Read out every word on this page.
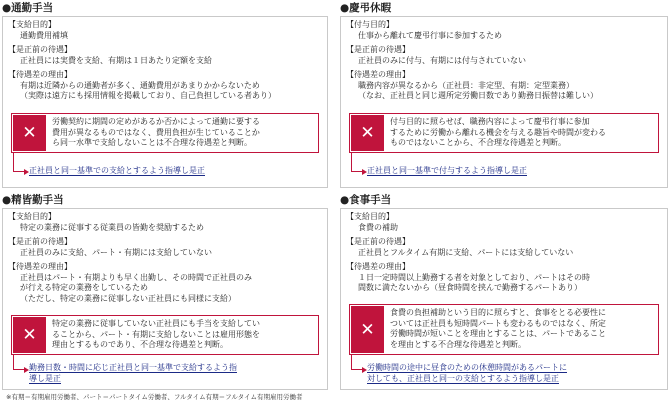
●通勤手当
【支給目的】
通勤費用補填
【是正前の待遇】
正社員には実費を支給、有期は１日あたり定額を支給
【待遇差の理由】
有期は近隣からの通勤者が多く、通勤費用があまりかからないため
（実際は遠方にも採用情報を掲載しており、自己負担している者あり）
✕
労働契約に期間の定めがあるか否かによって通勤に要する
費用が異なるものではなく、費用負担が生じていることか
ら同一水準で支給しないことは不合理な待遇差と判断。
正社員と同一基準での支給とするよう指導し是正
●慶弔休暇
【付与目的】
仕事から離れて慶弔行事に参加するため
【是正前の待遇】
正社員のみに付与、有期には付与されていない
【待遇差の理由】
職務内容が異なるから（正社員：非定型、有期：定型業務）
（なお、正社員と同じ週所定労働日数であり勤務日振替は難しい）
✕
付与目的に照らせば、職務内容によって慶弔行事に参加
するために労働から離れる機会を与える趣旨や時間が変わる
ものではないことから、不合理な待遇差と判断。
正社員と同一基準で付与するよう指導し是正
●精皆勤手当
【支給目的】
特定の業務に従事する従業員の皆勤を奨励するため
【是正前の待遇】
正社員のみに支給、パート・有期には支給していない
【待遇差の理由】
正社員はパート・有期よりも早く出勤し、その時間で正社員のみ
が行える特定の業務をしているため
（ただし、特定の業務に従事しない正社員にも同様に支給）
✕
特定の業務に従事していない正社員にも手当を支給してい
ることから、パート・有期に支給しないことは雇用形態を
理由とするものであり、不合理な待遇差と判断。
勤務日数・時間に応じ正社員と同一基準で支給するよう指
導し是正
●食事手当
【支給目的】
食費の補助
【是正前の待遇】
正社員とフルタイム有期に支給、パートには支給していない
【待遇差の理由】
１日一定時間以上勤務する者を対象としており、パートはその時
間数に満たないから（昼食時間を挟んで勤務するパートあり）
✕
食費の負担補助という目的に照らすと、食事をとる必要性に
ついては正社員も短時間パートも変わるものではなく、所定
労働時間が短いことを理由とすることは、パートであること
を理由とする不合理な待遇差と判断。
労働時間の途中に昼食のための休憩時間があるパートに
対しても、正社員と同一の支給とするよう指導し是正
※有期＝有期雇用労働者、パート＝パートタイム労働者、フルタイム有期＝フルタイム有期雇用労働者
